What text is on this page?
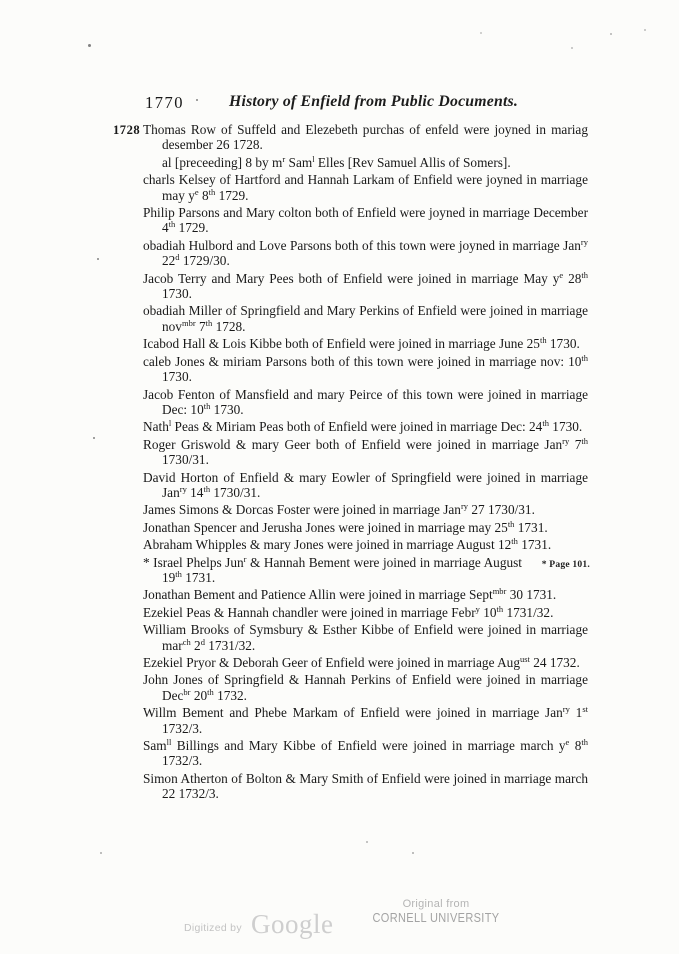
1770	History of Enfield from Public Documents.

1728 Thomas Row of Suffeld and Elezebeth purchas of enfeld were joyned in mariag desember 26 1728.

al [preceeding] 8 by $m^r$ Sam$^l$ Elles [Rev Samuel Allis of Somers].

charls Kelsey of Hartford and Hannah Larkam of Enfield were joyned in marriage may $y^e$ 8th 1729.

Philip Parsons and Mary colton both of Enfield were joyned in marriage December 4th 1729.

obadiah Hulbord and Love Parsons both of this town were joyned in marriage Jan$^{ry}$ 22$^d$ 1729/30.

Jacob Terry and Mary Pees both of Enfield were joined in marriage May $y^e$ 28th 1730.

obadiah Miller of Springfield and Mary Perkins of Enfield were joined in marriage nov$^{mbr}$ 7th 1728.

Icabod Hall & Lois Kibbe both of Enfield were joined in marriage June 25th 1730.

caleb Jones & miriam Parsons both of this town were joined in marriage nov: 10th 1730.

Jacob Fenton of Mansfield and mary Peirce of this town were joined in marriage Dec: 10th 1730.

Nath$^l$ Peas & Miriam Peas both of Enfield were joined in marriage Dec: 24th 1730.

Roger Griswold & mary Geer both of Enfield were joined in marriage Jan$^{ry}$ 7th 1730/31.

David Horton of Enfield & mary Eowler of Springfield were joined in marriage Jan$^{ry}$ 14th 1730/31.

James Simons & Dorcas Foster were joined in marriage Jan$^{ry}$ 27 1730/31.

Jonathan Spencer and Jerusha Jones were joined in marriage may 25th 1731.

Abraham Whipples & mary Jones were joined in marriage August 12th 1731.

* Israel Phelps Jun$^r$ & Hannah Bement were joined in marriage August 19th 1731.
* Page 101.

Jonathan Bement and Patience Allin were joined in marriage Sept$^{mbr}$ 30 1731.

Ezekiel Peas & Hannah chandler were joined in marriage Febr$^y$ 10th 1731/32.

William Brooks of Symsbury & Esther Kibbe of Enfield were joined in marriage mar$^{ch}$ 2$^d$ 1731/32.

Ezekiel Pryor & Deborah Geer of Enfield were joined in marriage Aug$^{ust}$ 24 1732.

John Jones of Springfield & Hannah Perkins of Enfield were joined in marriage Dec$^{br}$ 20th 1732.

Willm Bement and Phebe Markam of Enfield were joined in marriage Jan$^{ry}$ 1st 1732/3.

Sam$^{ll}$ Billings and Mary Kibbe of Enfield were joined in marriage march $y^e$ 8th 1732/3.

Simon Atherton of Bolton & Mary Smith of Enfield were joined in marriage march 22 1732/3.

Digitized by Google
Original from
CORNELL UNIVERSITY
